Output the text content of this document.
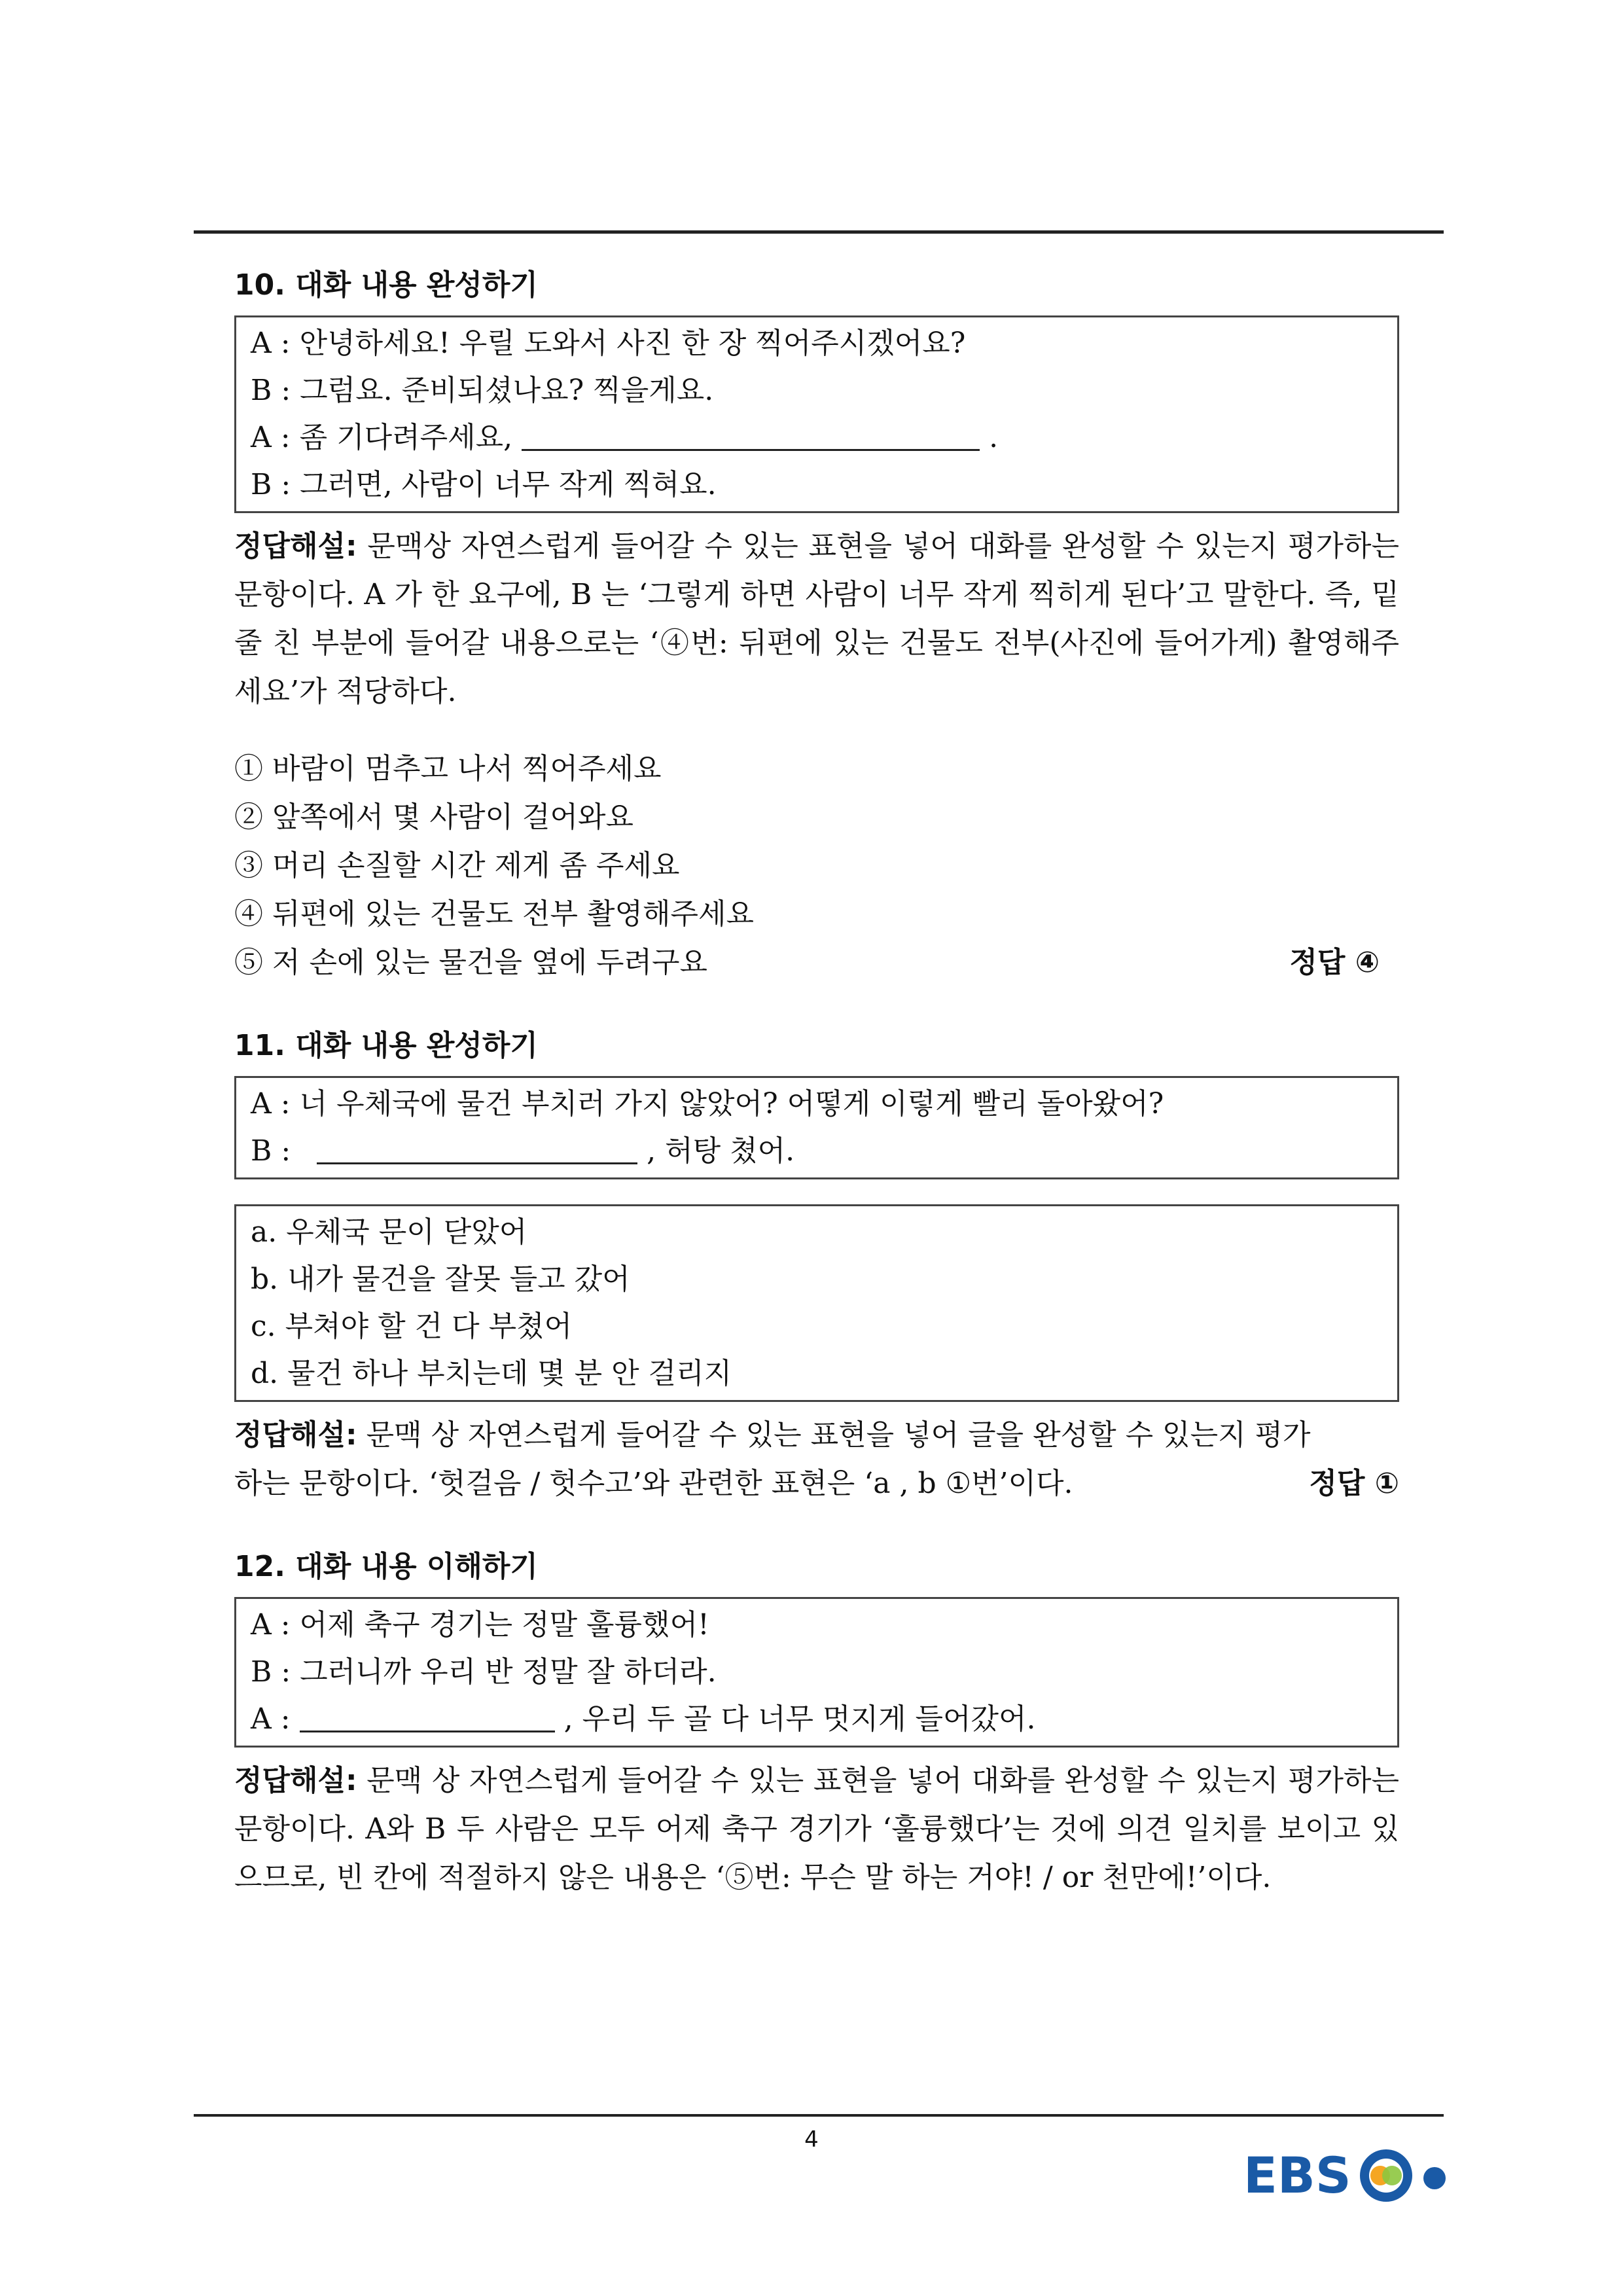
10. 대화 내용 완성하기
A : 안녕하세요! 우릴 도와서 사진 한 장 찍어주시겠어요?
B : 그럼요. 준비되셨나요? 찍을게요.
A : 좀 기다려주세요,	.
B : 그러면, 사람이 너무 작게 찍혀요.
정답해설: 문맥상 자연스럽게 들어갈 수 있는 표현을 넣어 대화를 완성할 수 있는지 평가하는 문항이다. A 가 한 요구에, B 는 ‘그렇게 하면 사람이 너무 작게 찍히게 된다’고 말한다. 즉, 밑줄 친 부분에 들어갈 내용으로는 ‘④번: 뒤편에 있는 건물도 전부(사진에 들어가게) 촬영해주세요’가 적당하다.
① 바람이 멈추고 나서 찍어주세요
② 앞쪽에서 몇 사람이 걸어와요
③ 머리 손질할 시간 제게 좀 주세요
④ 뒤편에 있는 건물도 전부 촬영해주세요
⑤ 저 손에 있는 물건을 옆에 두려구요	정답 ④
11. 대화 내용 완성하기
A : 너 우체국에 물건 부치러 가지 않았어? 어떻게 이렇게 빨리 돌아왔어?
B :	, 허탕 쳤어.
a. 우체국 문이 닫았어
b. 내가 물건을 잘못 들고 갔어
c. 부쳐야 할 건 다 부쳤어
d. 물건 하나 부치는데 몇 분 안 걸리지
정답해설: 문맥 상 자연스럽게 들어갈 수 있는 표현을 넣어 글을 완성할 수 있는지 평가
하는 문항이다. ‘헛걸음 / 헛수고’와 관련한 표현은 ‘a , b ①번’이다.	정답 ①
12. 대화 내용 이해하기
A : 어제 축구 경기는 정말 훌륭했어!
B : 그러니까 우리 반 정말 잘 하더라.
A :	, 우리 두 골 다 너무 멋지게 들어갔어.
정답해설: 문맥 상 자연스럽게 들어갈 수 있는 표현을 넣어 대화를 완성할 수 있는지 평가하는 문항이다. A와 B 두 사람은 모두 어제 축구 경기가 ‘훌륭했다’는 것에 의견 일치를 보이고 있으므로, 빈 칸에 적절하지 않은 내용은 ‘⑤번: 무슨 말 하는 거야! / or 천만에!’이다.
4
EBS
